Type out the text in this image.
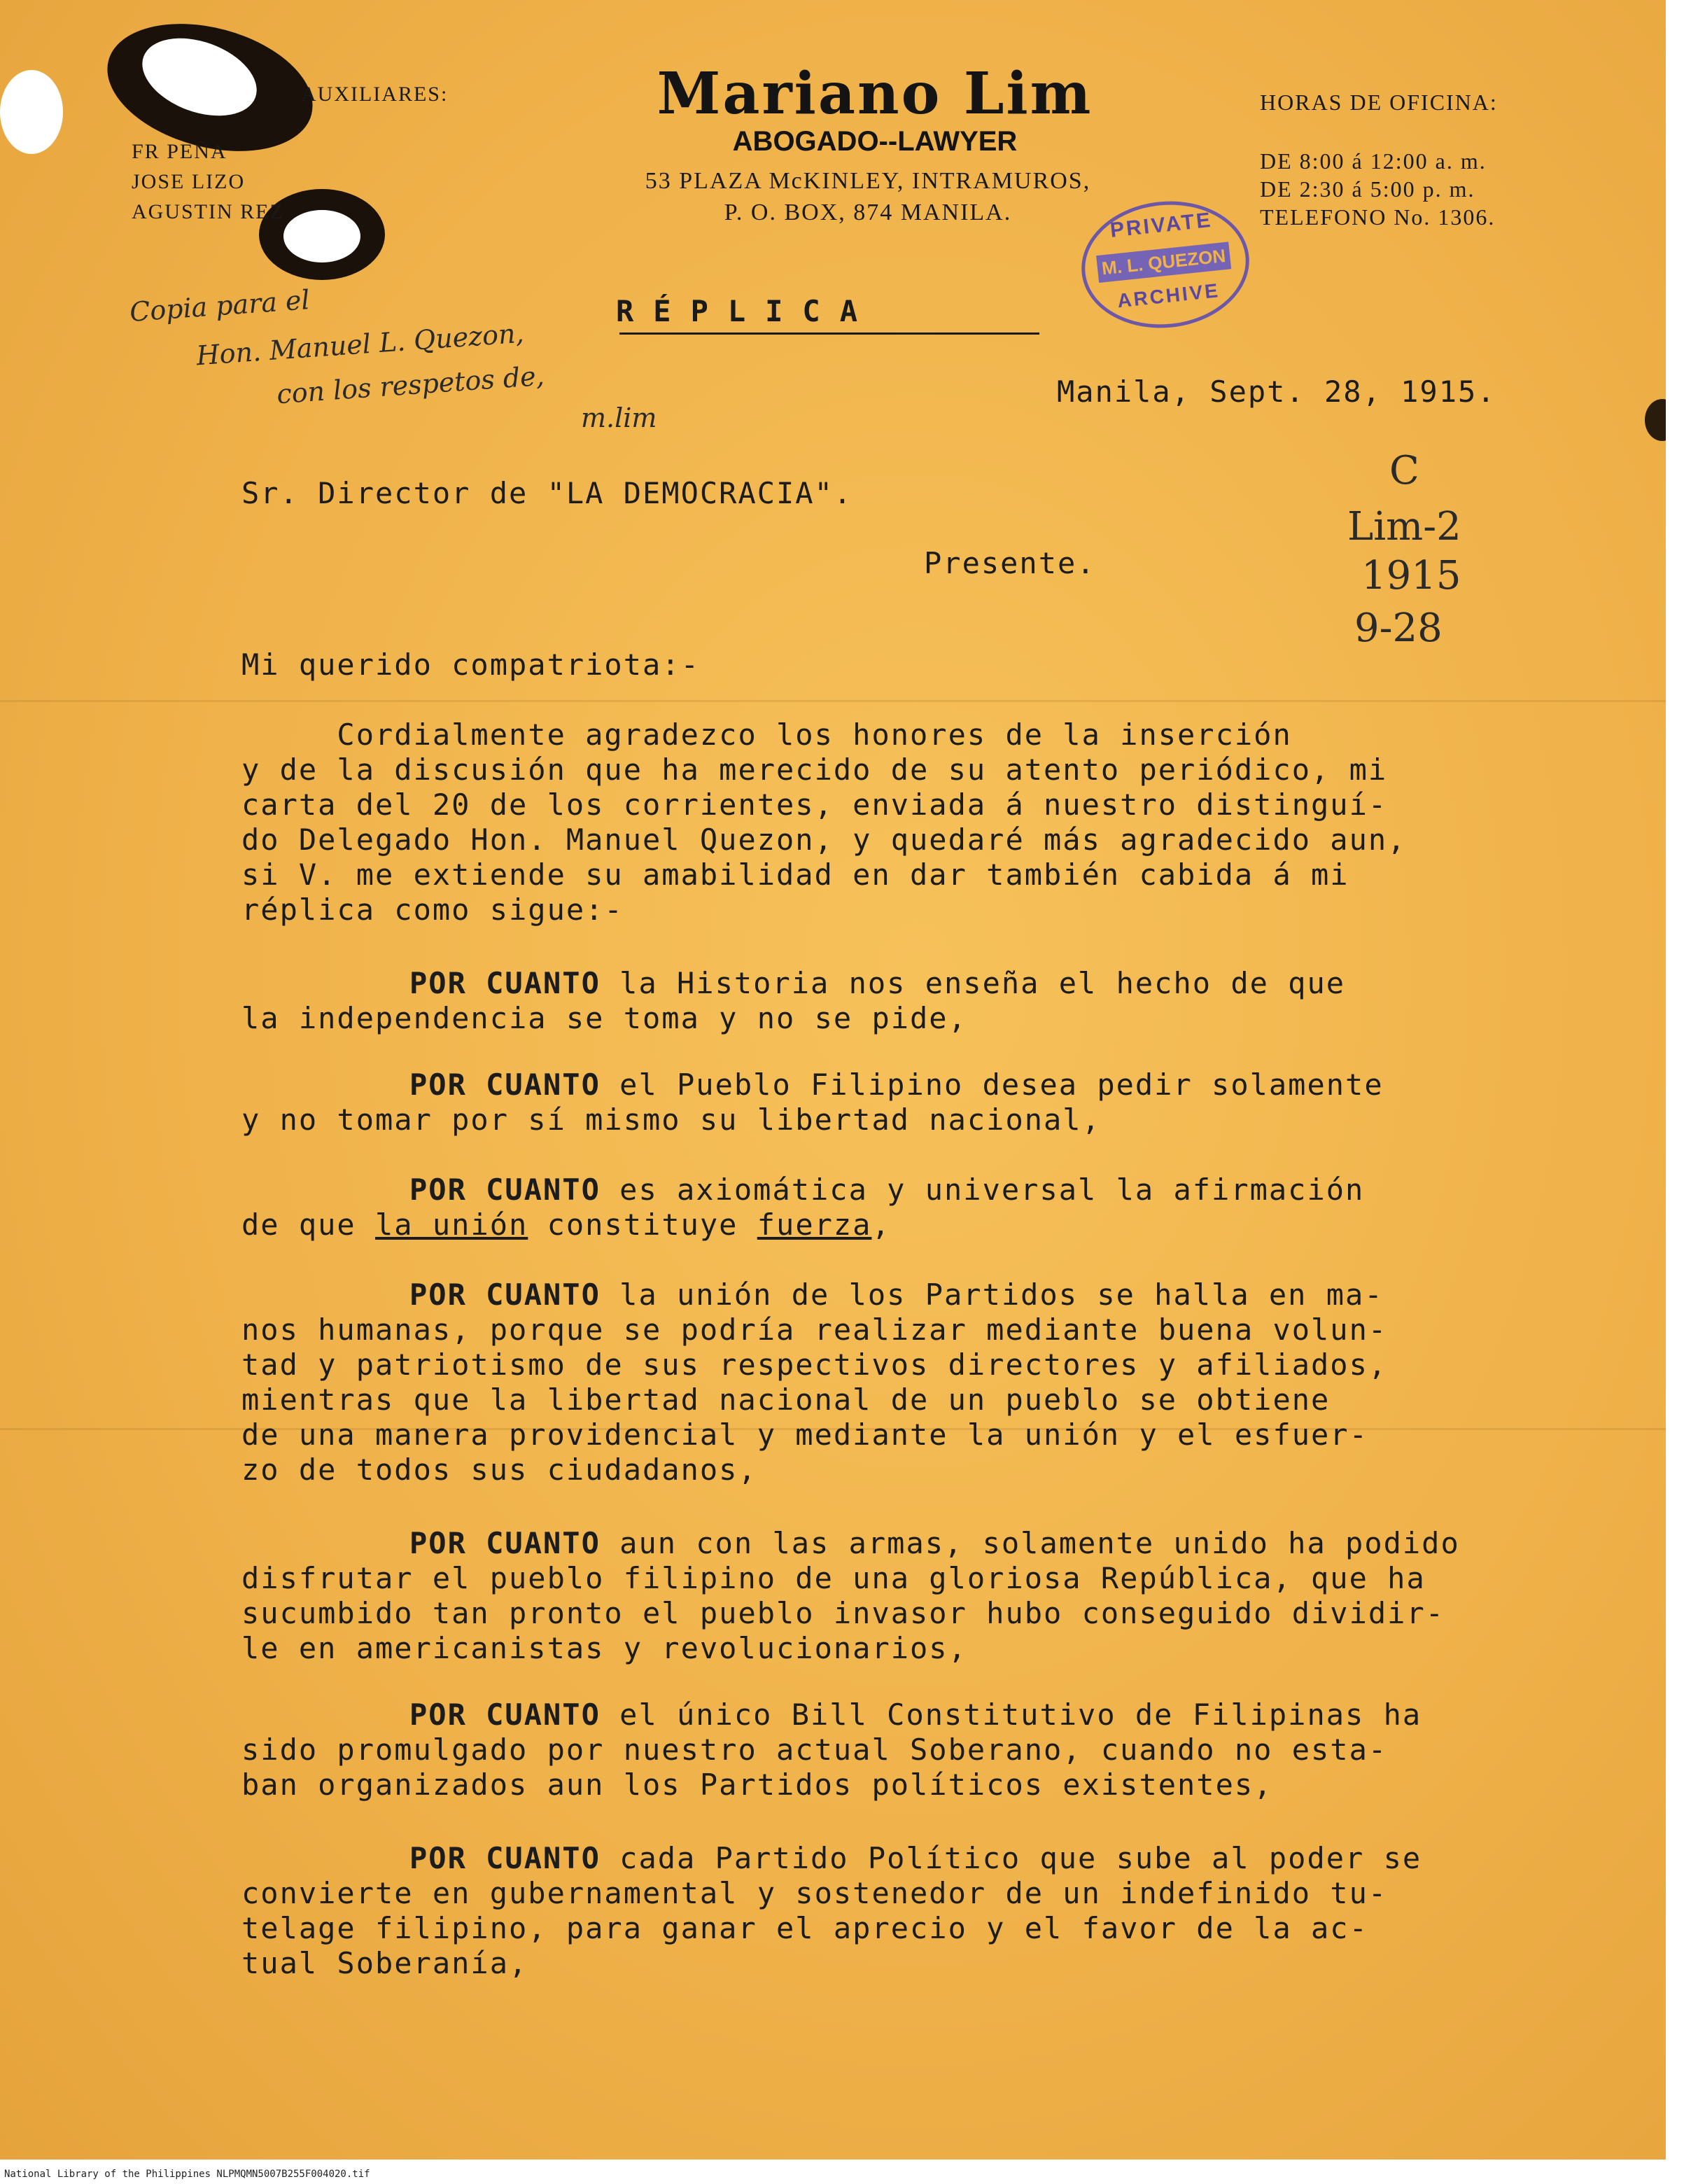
Mariano Lim
ABOGADO--LAWYER
53 PLAZA McKINLEY, INTRAMUROS,
P. O. BOX, 874 MANILA.
AUXILIARES:
FR PEÑA
JOSE LIZO
AGUSTIN REZ
HORAS DE OFICINA:
DE 8:00 á 12:00 a. m.
DE 2:30 á 5:00 p. m.
TELEFONO No. 1306.
PRIVATE
M. L. QUEZON
ARCHIVE
Copia para el
Hon. Manuel L. Quezon,
con los respetos de,
m.lim
C
Lim-2
1915
9-28
RÉPLICA
Manila, Sept. 28, 1915.
Sr. Director de "LA DEMOCRACIA".
Presente.
Mi querido compatriota:-
Cordialmente agradezco los honores de la inserción
y de la discusión que ha merecido de su atento periódico, mi
carta del 20 de los corrientes, enviada á nuestro distinguí-
do Delegado Hon. Manuel Quezon, y quedaré más agradecido aun,
si V. me extiende su amabilidad en dar también cabida á mi
réplica como sigue:-
POR CUANTO la Historia nos enseña el hecho de que
la independencia se toma y no se pide,
POR CUANTO el Pueblo Filipino desea pedir solamente
y no tomar por sí mismo su libertad nacional,
POR CUANTO es axiomática y universal la afirmación
de que la unión constituye fuerza,
POR CUANTO la unión de los Partidos se halla en ma-
nos humanas, porque se podría realizar mediante buena volun-
tad y patriotismo de sus respectivos directores y afiliados,
mientras que la libertad nacional de un pueblo se obtiene
de una manera providencial y mediante la unión y el esfuer-
zo de todos sus ciudadanos,
POR CUANTO aun con las armas, solamente unido ha podido
disfrutar el pueblo filipino de una gloriosa República, que ha
sucumbido tan pronto el pueblo invasor hubo conseguido dividir-
le en americanistas y revolucionarios,
POR CUANTO el único Bill Constitutivo de Filipinas ha
sido promulgado por nuestro actual Soberano, cuando no esta-
ban organizados aun los Partidos políticos existentes,
POR CUANTO cada Partido Político que sube al poder se
convierte en gubernamental y sostenedor de un indefinido tu-
telage filipino, para ganar el aprecio y el favor de la ac-
tual Soberanía,
National Library of the Philippines NLPMQMN5007B255F004020.tif
